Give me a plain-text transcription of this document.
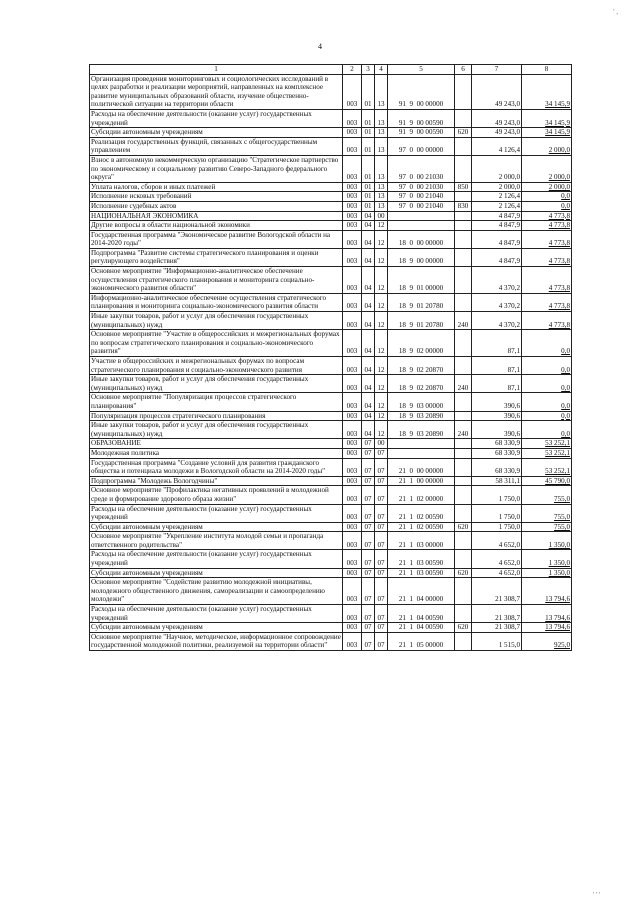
4
' ,
' ' '
1	2	3	4	5	6	7	8
Организация проведения мониторинговых и социологических исследований в целях разработки и реализации мероприятий, направленных на комплексное развитие муниципальных образований области, изучение общественно-политической ситуации на территории области	003	01	13	91  9  00 00000		49 243,0	34 145,9
Расходы на обеспечение деятельности (оказание услуг) государственных учреждений	003	01	13	91  9  00 00590		49 243,0	34 145,9
Субсидии автономным учреждениям	003	01	13	91  9  00 00590	620	49 243,0	34 145,9
Реализация государственных функций, связанных с общегосударственным управлением	003	01	13	97  0  00 00000		4 126,4	2 000,0
Взнос в автономную некоммерческую организацию "Стратегическое партнерство по экономическому и социальному развитию Северо-Западного федерального округа"	003	01	13	97  0  00 21030		2 000,0	2 000,0
Уплата налогов, сборов и иных платежей	003	01	13	97  0  00 21030	850	2 000,0	2 000,0
Исполнение исковых требований	003	01	13	97  0  00 21040		2 126,4	0,0
Исполнение судебных актов	003	01	13	97  0  00 21040	830	2 126,4	0,0
НАЦИОНАЛЬНАЯ ЭКОНОМИКА	003	04	00			4 847,9	4 773,8
Другие вопросы в области национальной экономики	003	04	12			4 847,9	4 773,8
Государственная программа "Экономическое развитие Вологодской области на 2014-2020 годы"	003	04	12	18  0  00 00000		4 847,9	4 773,8
Подпрограмма "Развитие системы стратегического планирования и оценки регулирующего воздействия"	003	04	12	18  9  00 00000		4 847,9	4 773,8
Основное мероприятие "Информационно-аналитическое обеспечение осуществления стратегического планирования и мониторинга социально-экономического развития области"	003	04	12	18  9  01 00000		4 370,2	4 773,8
Информационно-аналитическое обеспечение осуществления стратегического планирования и мониторинга социально-экономического развития области	003	04	12	18  9  01 20780		4 370,2	4 773,8
Иные закупки товаров, работ и услуг для обеспечения государственных (муниципальных) нужд	003	04	12	18  9  01 20780	240	4 370,2	4 773,8
Основное мероприятие "Участие в общероссийских и межрегиональных форумах по вопросам стратегического планирования и социально-экономического развития"	003	04	12	18  9  02 00000		87,1	0,0
Участие в общероссийских и межрегиональных форумах по вопросам стратегического планирования и социально-экономического развития	003	04	12	18  9  02 20870		87,1	0,0
Иные закупки товаров, работ и услуг для обеспечения государственных (муниципальных) нужд	003	04	12	18  9  02 20870	240	87,1	0,0
Основное мероприятие "Популяризация процессов стратегического планирования"	003	04	12	18  9  03 00000		390,6	0,0
Популяризация процессов стратегического планирования	003	04	12	18  9  03 20890		390,6	0,0
Иные закупки товаров, работ и услуг для обеспечения государственных (муниципальных) нужд	003	04	12	18  9  03 20890	240	390,6	0,0
ОБРАЗОВАНИЕ	003	07	00			68 330,9	53 252,1
Молодежная политика	003	07	07			68 330,9	53 252,1
Государственная программа "Создание условий для развития гражданского общества и потенциала молодежи в Вологодской области на 2014-2020 годы"	003	07	07	21  0  00 00000		68 330,9	53 252,1
Подпрограмма "Молодежь Вологодчины"	003	07	07	21  1  00 00000		58 311,1	45 790,0
Основное мероприятие "Профилактика негативных проявлений в молодежной среде и формирование здорового образа жизни"	003	07	07	21  1  02 00000		1 750,0	755,0
Расходы на обеспечение деятельности (оказание услуг) государственных учреждений	003	07	07	21  1  02 00590		1 750,0	755,0
Субсидии автономным учреждениям	003	07	07	21  1  02 00590	620	1 750,0	755,0
Основное мероприятие "Укрепление института молодой семьи и пропаганда ответственного родительства"	003	07	07	21  1  03 00000		4 652,0	1 350,0
Расходы на обеспечение деятельности (оказание услуг) государственных учреждений	003	07	07	21  1  03 00590		4 652,0	1 350,0
Субсидии автономным учреждениям	003	07	07	21  1  03 00590	620	4 652,0	1 350,0
Основное мероприятие "Содействие развитию молодежной инициативы, молодежного общественного движения, самореализации и самоопределению молодежи"	003	07	07	21  1  04 00000		21 308,7	13 794,6
Расходы на обеспечение деятельности (оказание услуг) государственных учреждений	003	07	07	21  1  04 00590		21 308,7	13 794,6
Субсидии автономным учреждениям	003	07	07	21  1  04 00590	620	21 308,7	13 794,6
Основное мероприятие "Научное, методическое, информационное сопровождение государственной молодежной политики, реализуемой на территории области"	003	07	07	21  1  05 00000		1 515,0	925,0
